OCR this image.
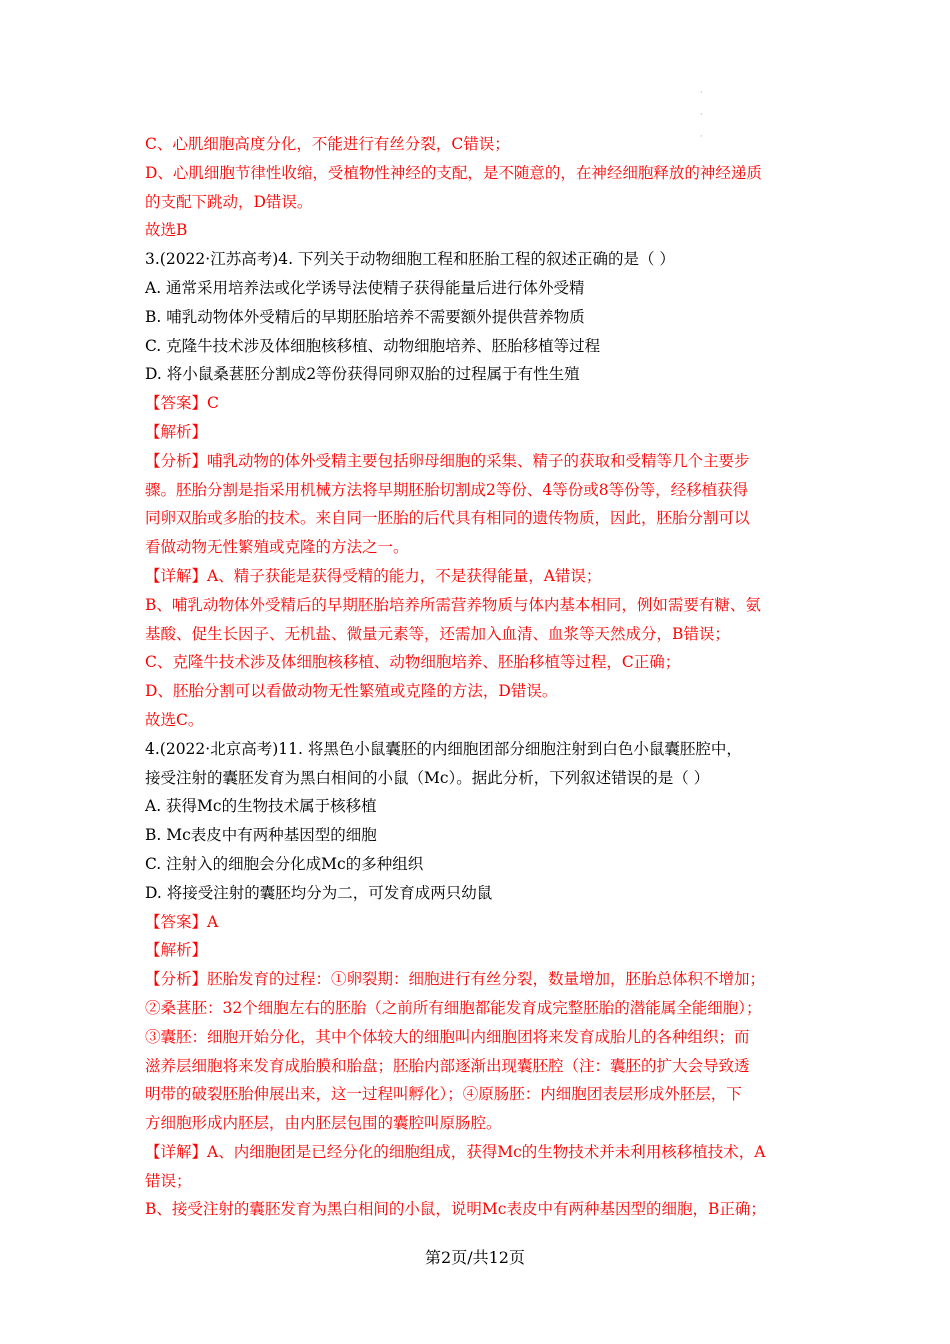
·
·
·
C、心肌细胞高度分化，不能进行有丝分裂，C错误；
D、心肌细胞节律性收缩，受植物性神经的支配，是不随意的，在神经细胞释放的神经递质
的支配下跳动，D错误。
故选B
3.(2022·江苏高考)4. 下列关于动物细胞工程和胚胎工程的叙述正确的是（ ）
A. 通常采用培养法或化学诱导法使精子获得能量后进行体外受精
B. 哺乳动物体外受精后的早期胚胎培养不需要额外提供营养物质
C. 克隆牛技术涉及体细胞核移植、动物细胞培养、胚胎移植等过程
D. 将小鼠桑葚胚分割成2等份获得同卵双胎的过程属于有性生殖
【答案】C
【解析】
【分析】哺乳动物的体外受精主要包括卵母细胞的采集、精子的获取和受精等几个主要步
骤。胚胎分割是指采用机械方法将早期胚胎切割成2等份、4等份或8等份等，经移植获得
同卵双胎或多胎的技术。来自同一胚胎的后代具有相同的遗传物质，因此，胚胎分割可以
看做动物无性繁殖或克隆的方法之一。
【详解】A、精子获能是获得受精的能力，不是获得能量，A错误；
B、哺乳动物体外受精后的早期胚胎培养所需营养物质与体内基本相同，例如需要有糖、氨
基酸、促生长因子、无机盐、微量元素等，还需加入血清、血浆等天然成分，B错误；
C、克隆牛技术涉及体细胞核移植、动物细胞培养、胚胎移植等过程，C正确；
D、胚胎分割可以看做动物无性繁殖或克隆的方法，D错误。
故选C。
4.(2022·北京高考)11. 将黑色小鼠囊胚的内细胞团部分细胞注射到白色小鼠囊胚腔中，
接受注射的囊胚发育为黑白相间的小鼠（Mc）。据此分析，下列叙述错误的是（ ）
A. 获得Mc的生物技术属于核移植
B. Mc表皮中有两种基因型的细胞
C. 注射入的细胞会分化成Mc的多种组织
D. 将接受注射的囊胚均分为二，可发育成两只幼鼠
【答案】A
【解析】
【分析】胚胎发育的过程：①卵裂期：细胞进行有丝分裂，数量增加，胚胎总体积不增加；
②桑葚胚：32个细胞左右的胚胎（之前所有细胞都能发育成完整胚胎的潜能属全能细胞）；
③囊胚：细胞开始分化，其中个体较大的细胞叫内细胞团将来发育成胎儿的各种组织；而
滋养层细胞将来发育成胎膜和胎盘；胚胎内部逐渐出现囊胚腔（注：囊胚的扩大会导致透
明带的破裂胚胎伸展出来，这一过程叫孵化）；④原肠胚：内细胞团表层形成外胚层，下
方细胞形成内胚层，由内胚层包围的囊腔叫原肠腔。
【详解】A、内细胞团是已经分化的细胞组成，获得Mc的生物技术并未利用核移植技术，A
错误；
B、接受注射的囊胚发育为黑白相间的小鼠，说明Mc表皮中有两种基因型的细胞，B正确；
第2页/共12页
